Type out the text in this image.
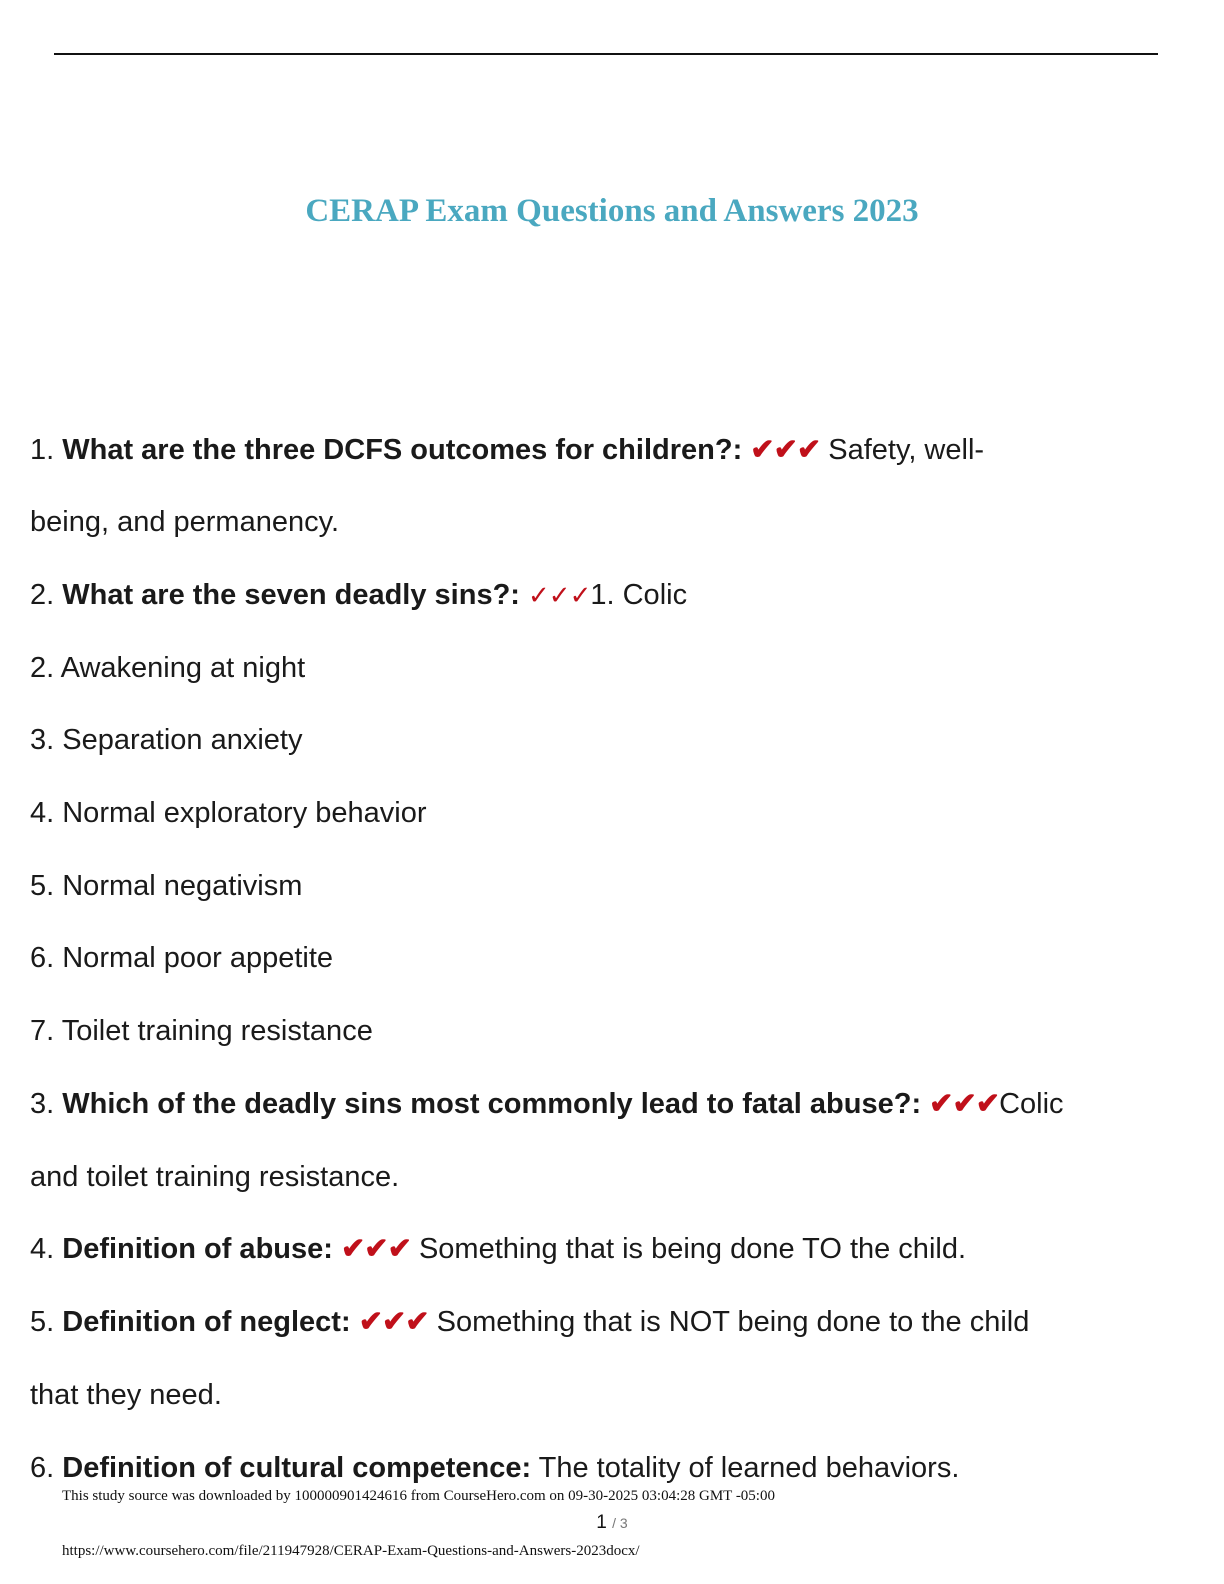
CERAP Exam Questions and Answers 2023
1. What are the three DCFS outcomes for children?: ✔✔✔ Safety, well-
being, and permanency.
2. What are the seven deadly sins?: ✓✓✓1. Colic
2. Awakening at night
3. Separation anxiety
4. Normal exploratory behavior
5. Normal negativism
6. Normal poor appetite
7. Toilet training resistance
3. Which of the deadly sins most commonly lead to fatal abuse?: ✔✔✔Colic
and toilet training resistance.
4. Definition of abuse: ✔✔✔ Something that is being done TO the child.
5. Definition of neglect: ✔✔✔ Something that is NOT being done to the child
that they need.
6. Definition of cultural competence: The totality of learned behaviors.
This study source was downloaded by 100000901424616 from CourseHero.com on 09-30-2025 03:04:28 GMT -05:00
1 / 3
https://www.coursehero.com/file/211947928/CERAP-Exam-Questions-and-Answers-2023docx/
